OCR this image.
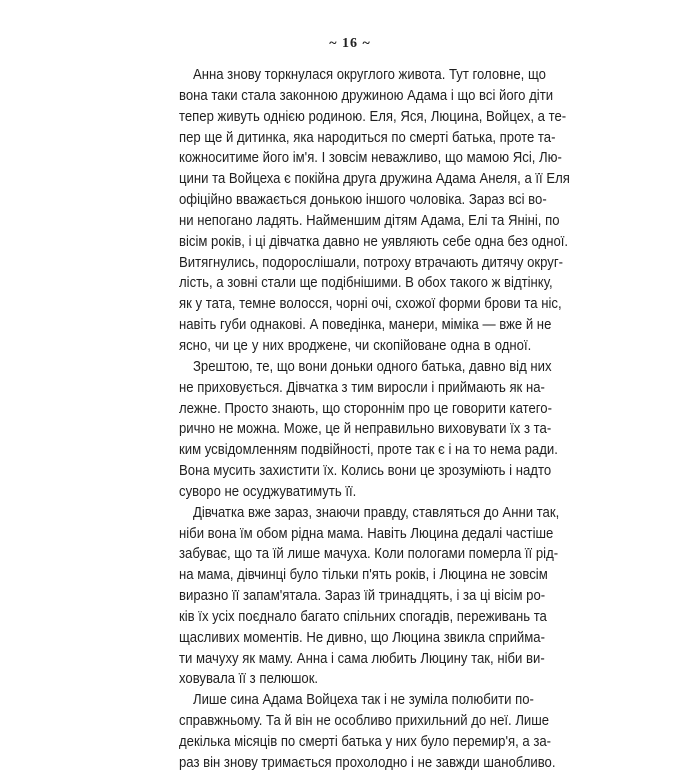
~ 16 ~
Анна знову торкнулася округлого живота. Тут головне, що
вона таки стала законною дружиною Адама і що всі його діти
тепер живуть однією родиною. Еля, Яся, Люцина, Войцех, а те-
пер ще й дитинка, яка народиться по смерті батька, проте та-
кожноситиме його ім'я. І зовсім неважливо, що мамою Ясі, Лю-
цини та Войцеха є покійна друга дружина Адама Анеля, а її Еля
офіційно вважається донькою іншого чоловіка. Зараз всі во-
ни непогано ладять. Найменшим дітям Адама, Елі та Яніні, по
вісім років, і ці дівчатка давно не уявляють себе одна без одної.
Витягнулись, подорослішали, потроху втрачають дитячу округ-
лість, а зовні стали ще подібнішими. В обох такого ж відтінку,
як у тата, темне волосся, чорні очі, схожої форми брови та ніс,
навіть губи однакові. А поведінка, манери, міміка — вже й не
ясно, чи це у них вроджене, чи скопійоване одна в одної.
Зрештою, те, що вони доньки одного батька, давно від них
не приховується. Дівчатка з тим виросли і приймають як на-
лежне. Просто знають, що стороннім про це говорити катего-
рично не можна. Може, це й неправильно виховувати їх з та-
ким усвідомленням подвійності, проте так є і на то нема ради.
Вона мусить захистити їх. Колись вони це зрозуміють і надто
суворо не осуджуватимуть її.
Дівчатка вже зараз, знаючи правду, ставляться до Анни так,
ніби вона їм обом рідна мама. Навіть Люцина дедалі частіше
забуває, що та їй лише мачуха. Коли пологами померла її рід-
на мама, дівчинці було тільки п'ять років, і Люцина не зовсім
виразно її запам'ятала. Зараз їй тринадцять, і за ці вісім ро-
ків їх усіх поєднало багато спільних спогадів, переживань та
щасливих моментів. Не дивно, що Люцина звикла сприйма-
ти мачуху як маму. Анна і сама любить Люцину так, ніби ви-
ховувала її з пелюшок.
Лише сина Адама Войцеха так і не зуміла полюбити по-
справжньому. Та й він не особливо прихильний до неї. Лише
декілька місяців по смерті батька у них було перемир'я, а за-
раз він знову тримається прохолодно і не завжди шанобливо.
